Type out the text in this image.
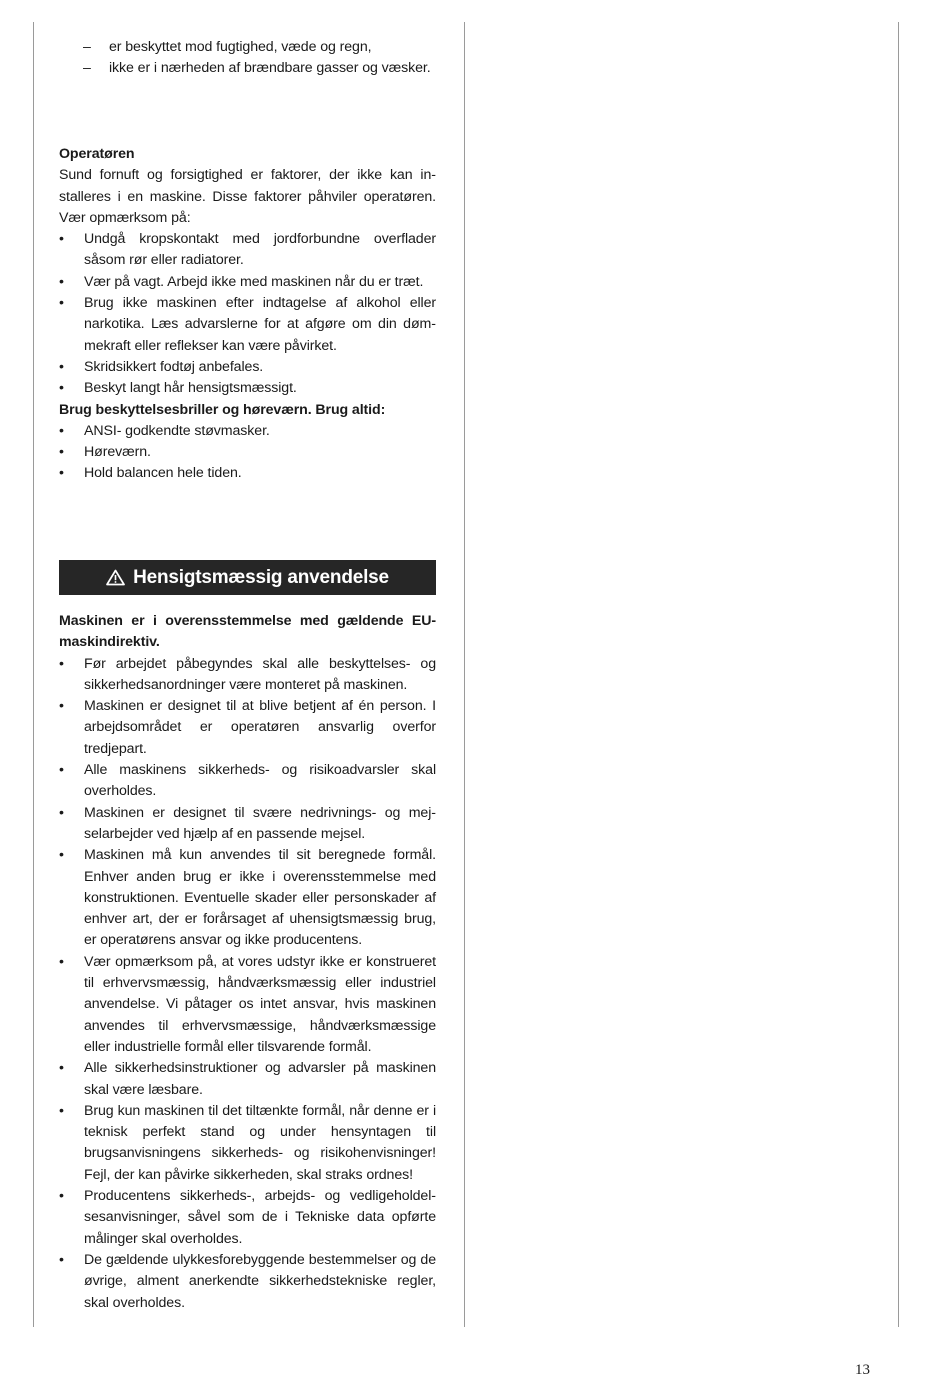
– er beskyttet mod fugtighed, væde og regn,
– ikke er i nærheden af brændbare gasser og væsker.

Operatøren

Sund fornuft og forsigtighed er faktorer, der ikke kan installeres i en maskine. Disse faktorer påhviler operatøren. Vær opmærksom på:

• Undgå kropskontakt med jordforbundne overflader såsom rør eller radiatorer.
• Vær på vagt. Arbejd ikke med maskinen når du er træt.
• Brug ikke maskinen efter indtagelse af alkohol eller narkotika. Læs advarslerne for at afgøre om din dømmekraft eller reflekser kan være påvirket.
• Skridsikkert fodtøj anbefales.
• Beskyt langt hår hensigtsmæssigt.

Brug beskyttelsesbriller og høreværn. Brug altid:

• ANSI- godkendte støvmasker.
• Høreværn.
• Hold balancen hele tiden.
Hensigtsmæssig anvendelse

Maskinen er i overensstemmelse med gældende EU-maskindirektiv.

• Før arbejdet påbegyndes skal alle beskyttelses- og sikkerhedsanordninger være monteret på maskinen.
• Maskinen er designet til at blive betjent af én person. I arbejdsområdet er operatøren ansvarlig overfor tredjepart.
• Alle maskinens sikkerheds- og risikoadvarsler skal overholdes.
• Maskinen er designet til svære nedrivnings- og mejselarbejder ved hjælp af en passende mejsel.
• Maskinen må kun anvendes til sit beregnede formål. Enhver anden brug er ikke i overensstemmelse med konstruktionen. Eventuelle skader eller personskader af enhver art, der er forårsaget af uhensigtsmæssig brug, er operatørens ansvar og ikke producentens.
• Vær opmærksom på, at vores udstyr ikke er konstrueret til erhvervsmæssig, håndværksmæssig eller industriel anvendelse. Vi påtager os intet ansvar, hvis maskinen anvendes til erhvervsmæssige, håndværksmæssige eller industrielle formål eller tilsvarende formål.
• Alle sikkerhedsinstruktioner og advarsler på maskinen skal være læsbare.
• Brug kun maskinen til det tiltænkte formål, når denne er i teknisk perfekt stand og under hensyntagen til brugsanvisningens sikkerheds- og risikohenvisninger! Fejl, der kan påvirke sikkerheden, skal straks ordnes!
• Producentens sikkerheds-, arbejds- og vedligeholdelsesanvisninger, såvel som de i Tekniske data opførte målinger skal overholdes.
• De gældende ulykkesforebyggende bestemmelser og de øvrige, alment anerkendte sikkerhedstekniske regler, skal overholdes.
13
